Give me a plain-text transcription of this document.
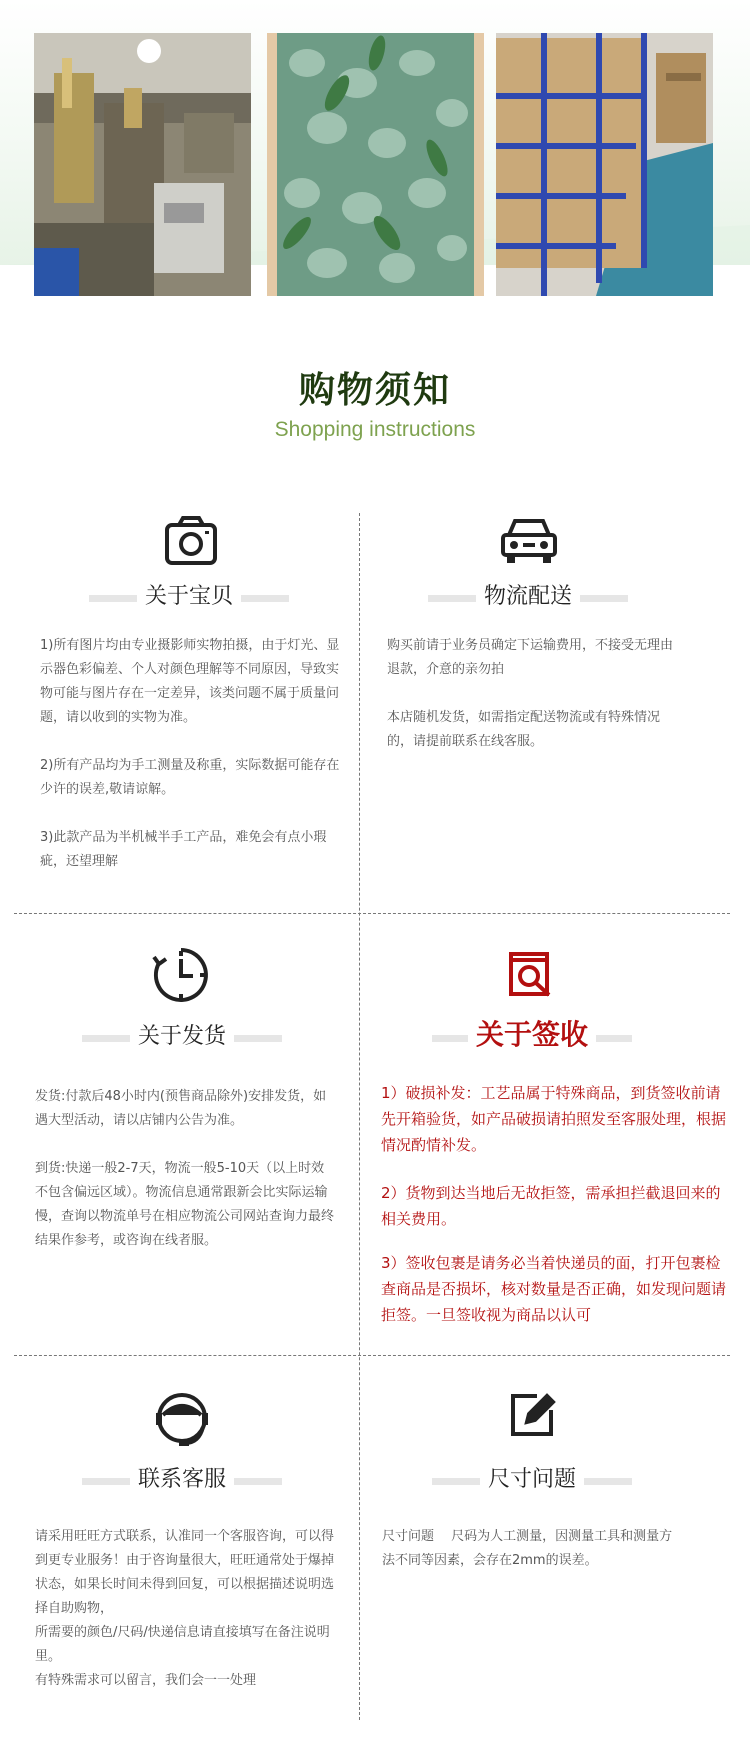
购物须知
Shopping instructions
关于宝贝

1)所有图片均由专业摄影师实物拍摄，由于灯光、显示器色彩偏差、个人对颜色理解等不同原因，导致实物可能与图片存在一定差异，该类问题不属于质量问题，请以收到的实物为准。

2)所有产品均为手工测量及称重，实际数据可能存在少许的误差,敬请谅解。

3)此款产品为半机械半手工产品，难免会有点小瑕疵，还望理解

物流配送

购买前请于业务员确定下运输费用，不接受无理由退款，介意的亲勿拍

本店随机发货，如需指定配送物流或有特殊情况的，请提前联系在线客服。

关于发货

发货:付款后48小时内(预售商品除外)安排发货，如遇大型活动，请以店铺内公告为准。

到货:快递一般2-7天，物流一般5-10天（以上时效不包含偏远区域）。物流信息通常跟新会比实际运输慢，查询以物流单号在相应物流公司网站查询力最终结果作参考，或咨询在线者服。

关于签收

1）破损补发：工艺品属于特殊商品，到货签收前请先开箱验货，如产品破损请拍照发至客服处理，根据情况酌情补发。

2）货物到达当地后无故拒签，需承担拦截退回来的相关费用。

3）签收包裹是请务必当着快递员的面，打开包裹检查商品是否损坏，核对数量是否正确，如发现问题请拒签。一旦签收视为商品以认可

联系客服

请采用旺旺方式联系，认准同一个客服咨询，可以得到更专业服务！由于咨询量很大，旺旺通常处于爆掉状态，如果长时间未得到回复，可以根据描述说明选择自助购物，

所需要的颜色/尺码/快递信息请直接填写在备注说明里。

有特殊需求可以留言，我们会一一处理

尺寸问题

尺寸问题　 尺码为人工测量，因测量工具和测量方法不同等因素，会存在2mm的误差。
